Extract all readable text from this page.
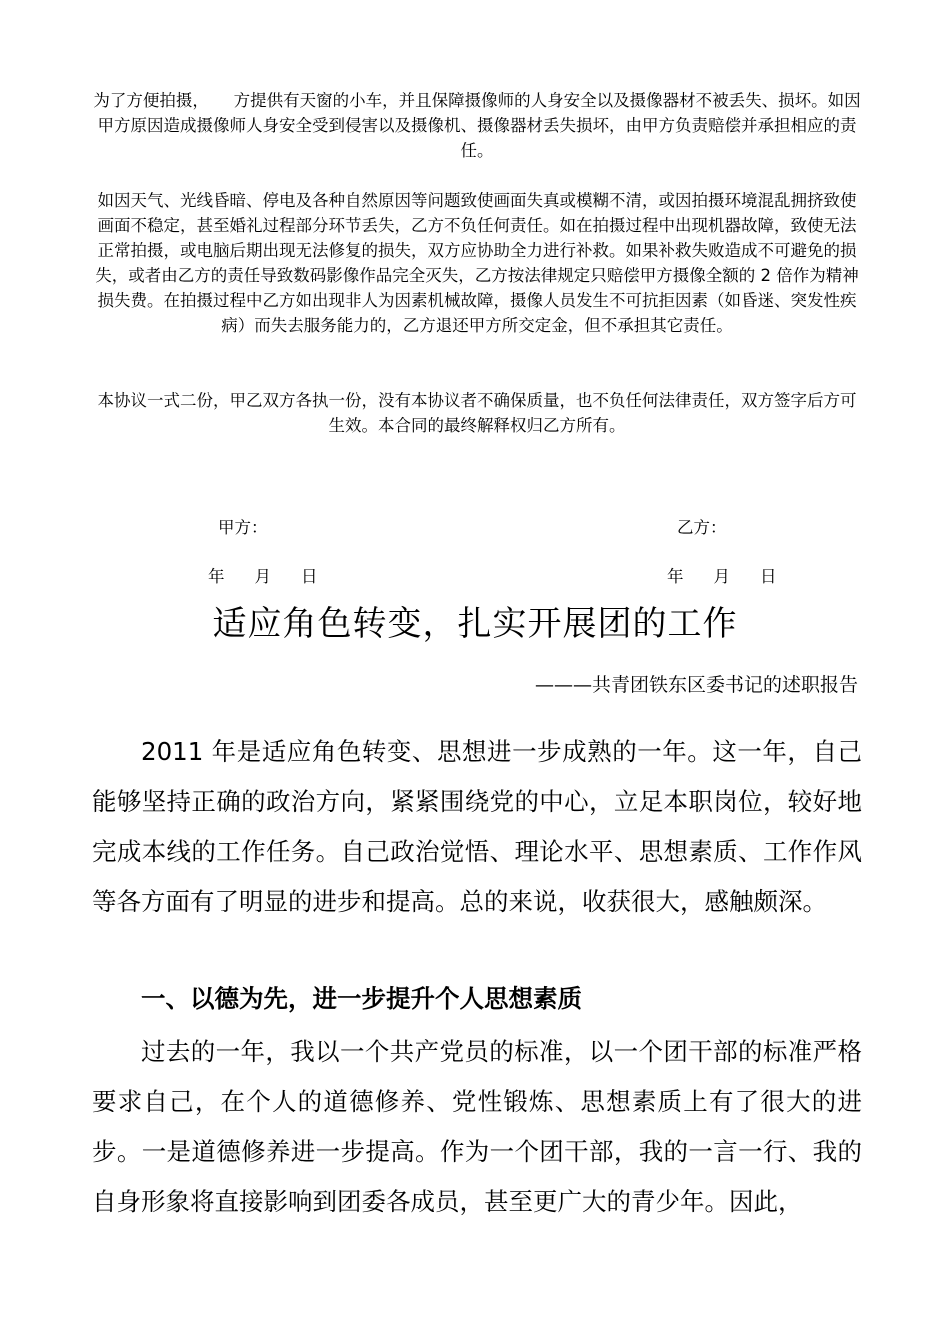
为了方便拍摄，　　方提供有天窗的小车，并且保障摄像师的人身安全以及摄像器材不被丢失、损坏。如因甲方原因造成摄像师人身安全受到侵害以及摄像机、摄像器材丢失损坏，由甲方负责赔偿并承担相应的责任。

如因天气、光线昏暗、停电及各种自然原因等问题致使画面失真或模糊不清，或因拍摄环境混乱拥挤致使画面不稳定，甚至婚礼过程部分环节丢失，乙方不负任何责任。如在拍摄过程中出现机器故障，致使无法正常拍摄，或电脑后期出现无法修复的损失，双方应协助全力进行补救。如果补救失败造成不可避免的损失，或者由乙方的责任导致数码影像作品完全灭失，乙方按法律规定只赔偿甲方摄像全额的 2 倍作为精神损失费。在拍摄过程中乙方如出现非人为因素机械故障，摄像人员发生不可抗拒因素（如昏迷、突发性疾病）而失去服务能力的，乙方退还甲方所交定金，但不承担其它责任。

本协议一式二份，甲乙双方各执一份，没有本协议者不确保质量，也不负任何法律责任，双方签字后方可生效。本合同的最终解释权归乙方所有。

甲方：	乙方：
年 月 日	年 月 日
适应角色转变，扎实开展团的工作
———共青团铁东区委书记的述职报告

2011 年是适应角色转变、思想进一步成熟的一年。这一年，自己能够坚持正确的政治方向，紧紧围绕党的中心，立足本职岗位，较好地完成本线的工作任务。自己政治觉悟、理论水平、思想素质、工作作风等各方面有了明显的进步和提高。总的来说，收获很大，感触颇深。

一、以德为先，进一步提升个人思想素质

过去的一年，我以一个共产党员的标准，以一个团干部的标准严格要求自己，在个人的道德修养、党性锻炼、思想素质上有了很大的进步。一是道德修养进一步提高。作为一个团干部，我的一言一行、我的自身形象将直接影响到团委各成员，甚至更广大的青少年。因此，
